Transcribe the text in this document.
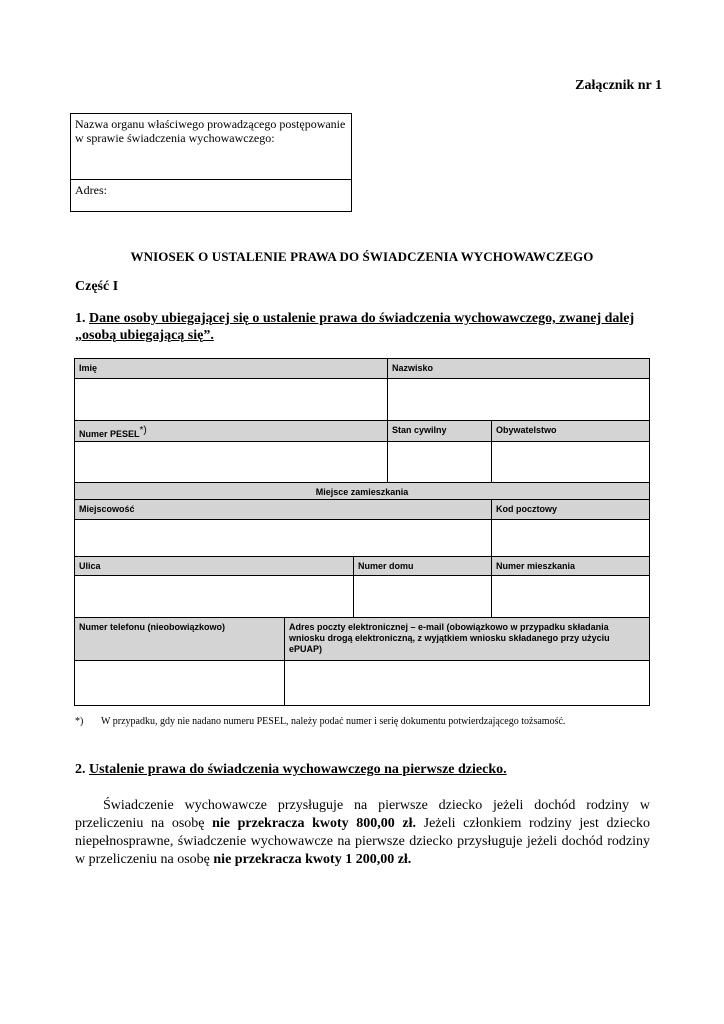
Załącznik nr 1
Nazwa organu właściwego prowadzącego postępowanie w sprawie świadczenia wychowawczego:
Adres:
WNIOSEK O USTALENIE PRAWA DO ŚWIADCZENIA WYCHOWAWCZEGO
Część I
1. Dane osoby ubiegającej się o ustalenie prawa do świadczenia wychowawczego, zwanej dalej „osobą ubiegającą się”.
Imię			Nazwisko	

Numer PESEL*)			Stan cywilny	Obywatelstwo

Miejsce zamieszkania				
Miejscowość				Kod pocztowy

Ulica		Numer domu		Numer mieszkania

Numer telefonu (nieobowiązkowo)	Adres poczty elektronicznej – e-mail (obowiązkowo w przypadku składania wniosku drogą elektroniczną, z wyjątkiem wniosku składanego przy użyciu ePUAP)			

*) W przypadku, gdy nie nadano numeru PESEL, należy podać numer i serię dokumentu potwierdzającego tożsamość.
2. Ustalenie prawa do świadczenia wychowawczego na pierwsze dziecko.
Świadczenie wychowawcze przysługuje na pierwsze dziecko jeżeli dochód rodziny w przeliczeniu na osobę nie przekracza kwoty 800,00 zł. Jeżeli członkiem rodziny jest dziecko niepełnosprawne, świadczenie wychowawcze na pierwsze dziecko przysługuje jeżeli dochód rodziny w przeliczeniu na osobę nie przekracza kwoty 1 200,00 zł.
